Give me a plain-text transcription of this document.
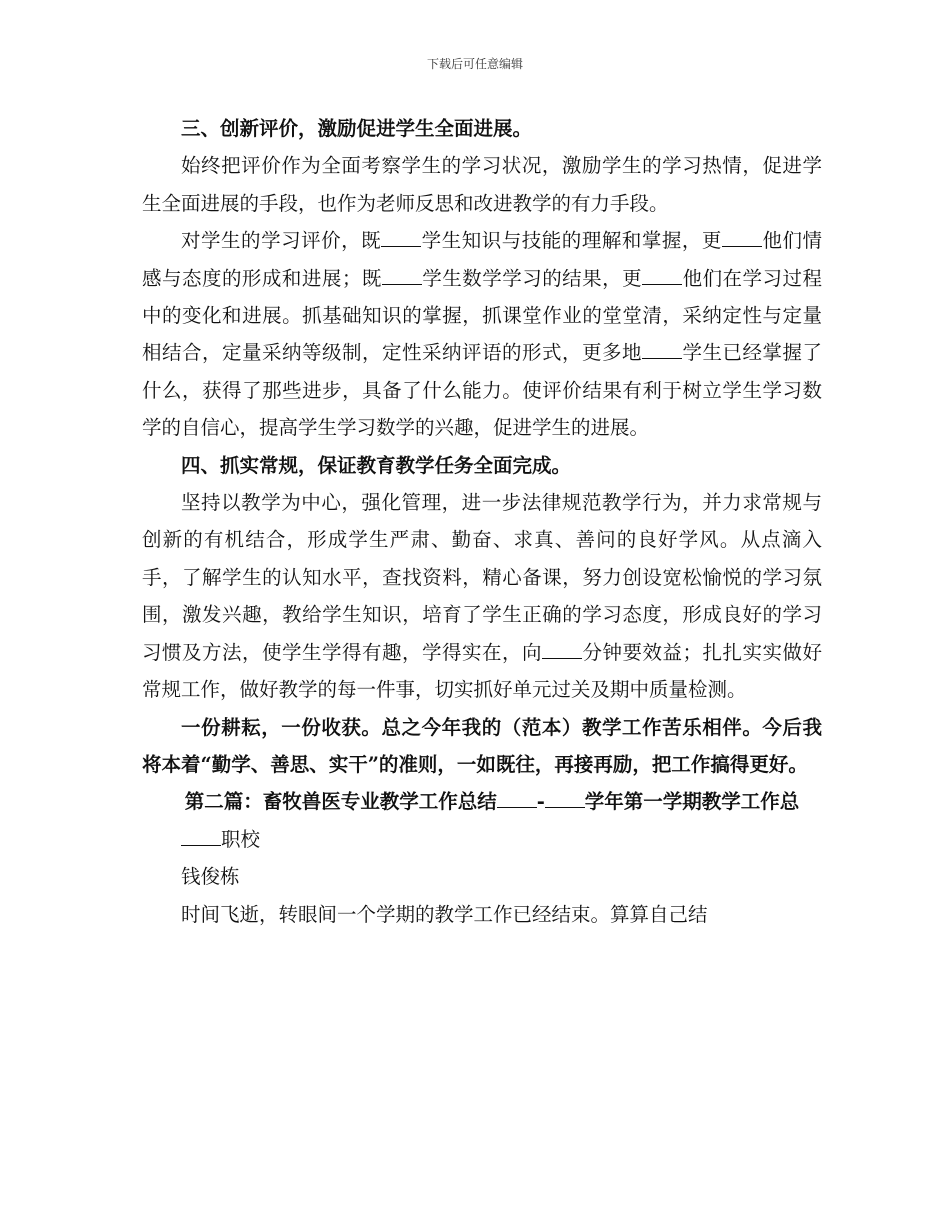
下载后可任意编辑
三、创新评价，激励促进学生全面进展。
始终把评价作为全面考察学生的学习状况，激励学生的学习热情，促进学生全面进展的手段，也作为老师反思和改进教学的有力手段。
对学生的学习评价，既 学生知识与技能的理解和掌握，更 他们情感与态度的形成和进展；既 学生数学学习的结果，更 他们在学习过程中的变化和进展。抓基础知识的掌握，抓课堂作业的堂堂清，采纳定性与定量相结合，定量采纳等级制，定性采纳评语的形式，更多地 学生已经掌握了什么，获得了那些进步，具备了什么能力。使评价结果有利于树立学生学习数学的自信心，提高学生学习数学的兴趣，促进学生的进展。
四、抓实常规，保证教育教学任务全面完成。
坚持以教学为中心，强化管理，进一步法律规范教学行为，并力求常规与创新的有机结合，形成学生严肃、勤奋、求真、善问的良好学风。从点滴入手，了解学生的认知水平，查找资料，精心备课，努力创设宽松愉悦的学习氛围，激发兴趣，教给学生知识，培育了学生正确的学习态度，形成良好的学习习惯及方法，使学生学得有趣，学得实在，向 分钟要效益；扎扎实实做好常规工作，做好教学的每一件事，切实抓好单元过关及期中质量检测。
一份耕耘，一份收获。总之今年我的（范本）教学工作苦乐相伴。今后我将本着“勤学、善思、实干”的准则，一如既往，再接再励，把工作搞得更好。
第二篇：畜牧兽医专业教学工作总结 - 学年第一学期教学工作总
职校
钱俊栋
时间飞逝，转眼间一个学期的教学工作已经结束。算算自己结
